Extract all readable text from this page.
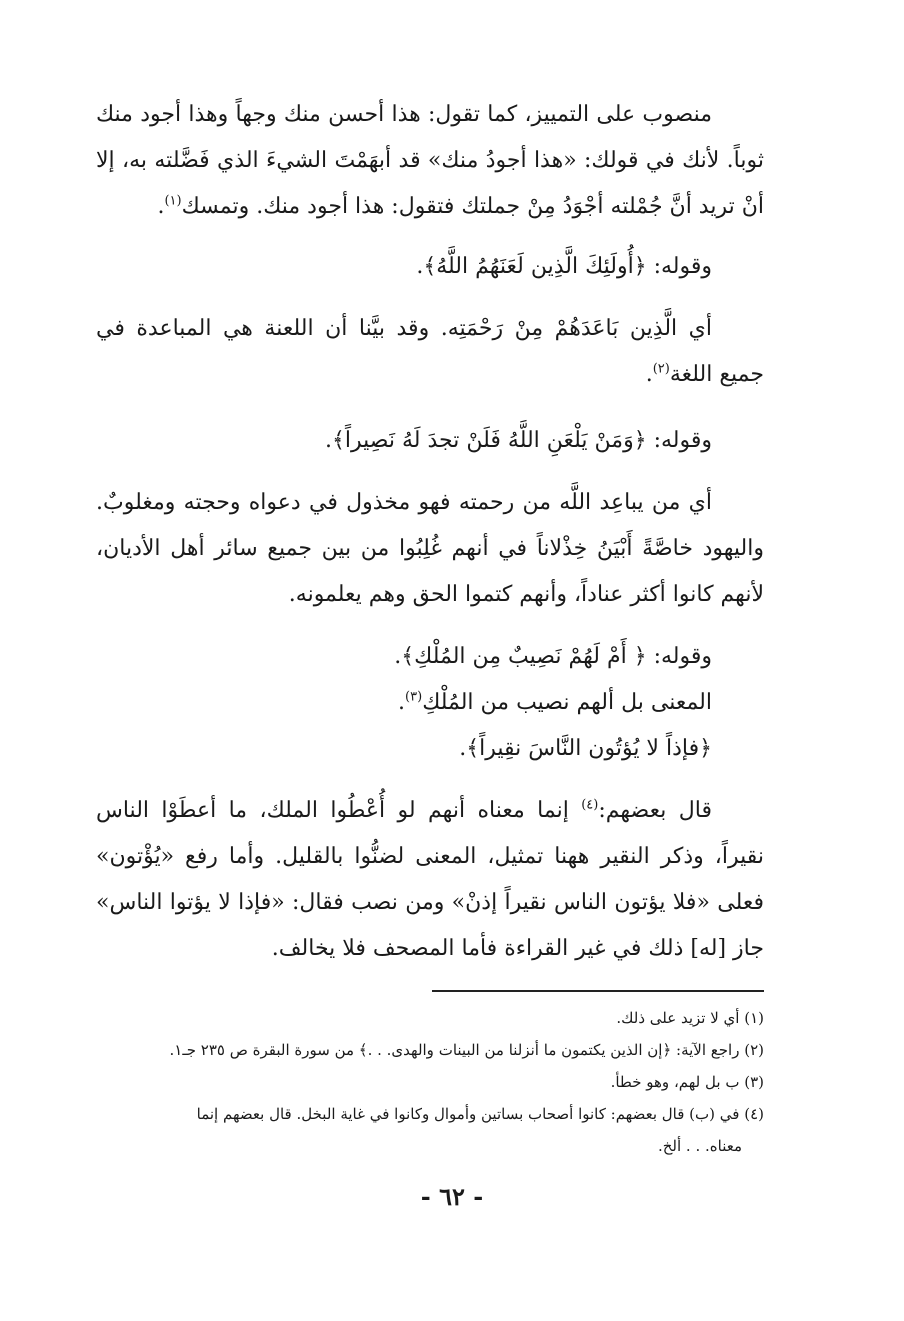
منصوب على التمييز، كما تقول: هذا أحسن منك وجهاً وهذا أجود منك ثوباً. لأنك في قولك: «هذا أجودُ منك» قد أبهَمْتَ الشيءَ الذي فَضَّلته به، إلا أنْ تريد أنَّ جُمْلته أجْوَدُ مِنْ جملتك فتقول: هذا أجود منك. وتمسك$^{(١)}$.

وقوله: ﴿أُولَئِكَ الَّذِين لَعَنَهُمُ اللَّهُ﴾.

أي الَّذِين بَاعَدَهُمْ مِنْ رَحْمَتِه. وقد بيَّنا أن اللعنة هي المباعدة في جميع اللغة$^{(٢)}$.

وقوله: ﴿وَمَنْ يَلْعَنِ اللَّهُ فَلَنْ تجدَ لَهُ نَصِيراً﴾.

أي من يباعِد اللَّه من رحمته فهو مخذول في دعواه وحجته ومغلوبٌ. واليهود خاصَّةً أَبْيَنُ خِذْلاناً في أنهم غُلِبُوا من بين جميع سائر أهل الأديان، لأنهم كانوا أكثر عناداً، وأنهم كتموا الحق وهم يعلمونه.

وقوله: ﴿ أَمْ لَهُمْ نَصِيبٌ مِن المُلْكِ﴾.

المعنى بل ألهم نصيب من المُلْكِ$^{(٣)}$.

﴿فإذاً لا يُؤتُون النَّاسَ نقِيراً﴾.

قال بعضهم:$^{(٤)}$ إنما معناه أنهم لو أُعْطُوا الملك، ما أعطَوْا الناس نقيراً، وذكر النقير ههنا تمثيل، المعنى لضنُّوا بالقليل. وأما رفع «يُؤْتون» فعلى «فلا يؤتون الناس نقيراً إذنْ» ومن نصب فقال: «فإذا لا يؤتوا الناس» جاز [له] ذلك في غير القراءة فأما المصحف فلا يخالف.

(١) أي لا تزيد على ذلك.

(٢) راجع الآية: ﴿إن الذين يكتمون ما أنزلنا من البينات والهدى. . .﴾ من سورة البقرة ص ٢٣٥ جـ١.

(٣) ب بل لهم، وهو خطأ.

(٤) في (ب) قال بعضهم: كانوا أصحاب بساتين وأموال وكانوا في غاية البخل. قال بعضهم إنما

معناه. . . ألخ.

- ٦٢ -
